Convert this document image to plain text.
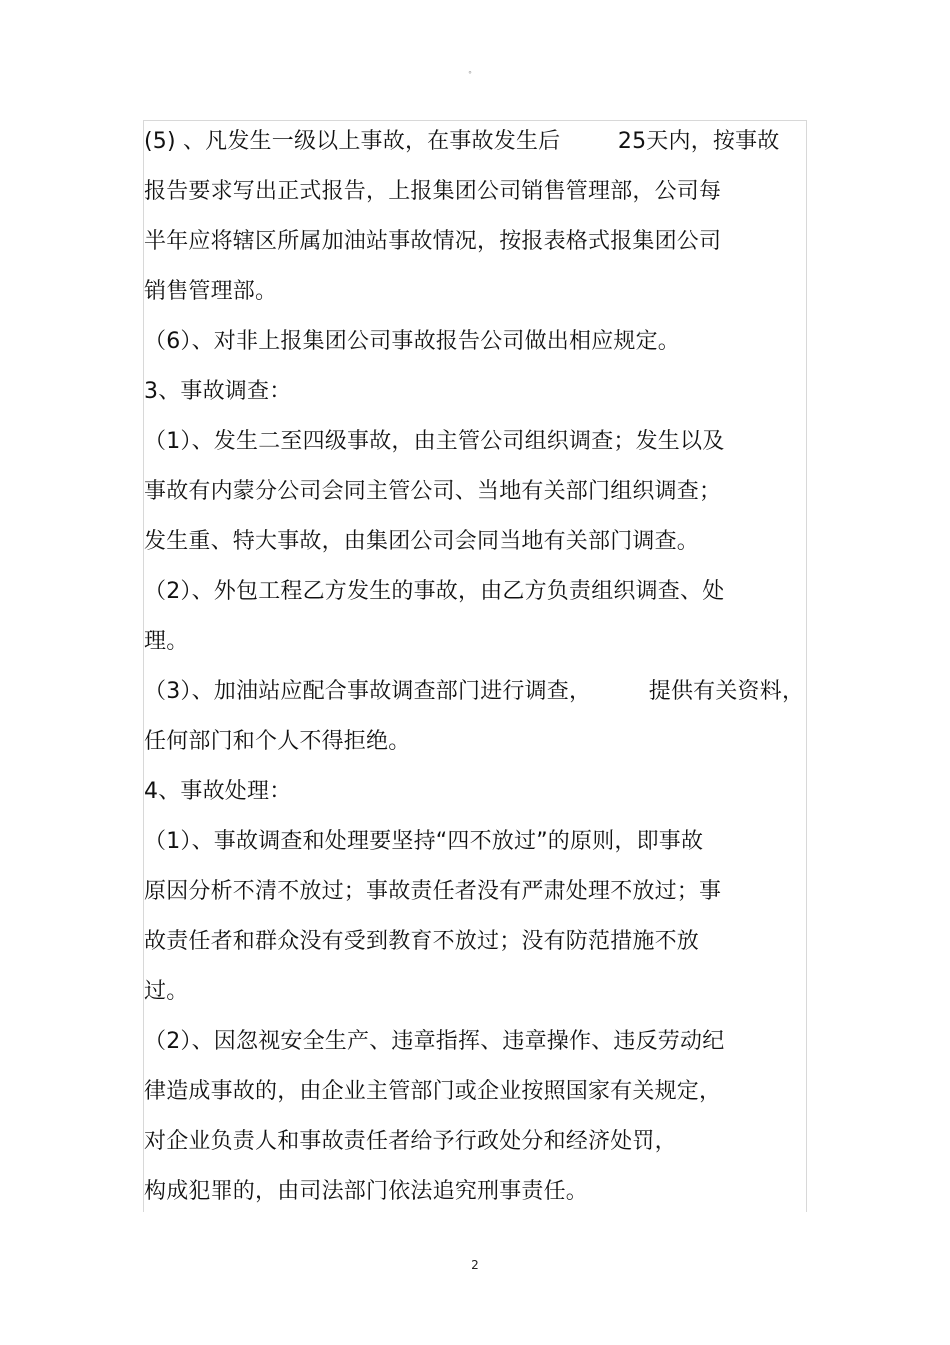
°
(5) 、凡发生一级以上事故，在事故发生后        25天内，按事故
报告要求写出正式报告，上报集团公司销售管理部，公司每
半年应将辖区所属加油站事故情况，按报表格式报集团公司
销售管理部。
（6）、对非上报集团公司事故报告公司做出相应规定。
3、事故调查：
（1）、发生二至四级事故，由主管公司组织调查；发生以及
事故有内蒙分公司会同主管公司、当地有关部门组织调查；
发生重、特大事故，由集团公司会同当地有关部门调查。
（2）、外包工程乙方发生的事故，由乙方负责组织调查、处
理。
（3）、加油站应配合事故调查部门进行调查，        提供有关资料，
任何部门和个人不得拒绝。
4、事故处理：
（1）、事故调查和处理要坚持“四不放过”的原则，即事故
原因分析不清不放过；事故责任者没有严肃处理不放过；事
故责任者和群众没有受到教育不放过；没有防范措施不放
过。
（2）、因忽视安全生产、违章指挥、违章操作、违反劳动纪
律造成事故的，由企业主管部门或企业按照国家有关规定，
对企业负责人和事故责任者给予行政处分和经济处罚，
构成犯罪的，由司法部门依法追究刑事责任。
2
